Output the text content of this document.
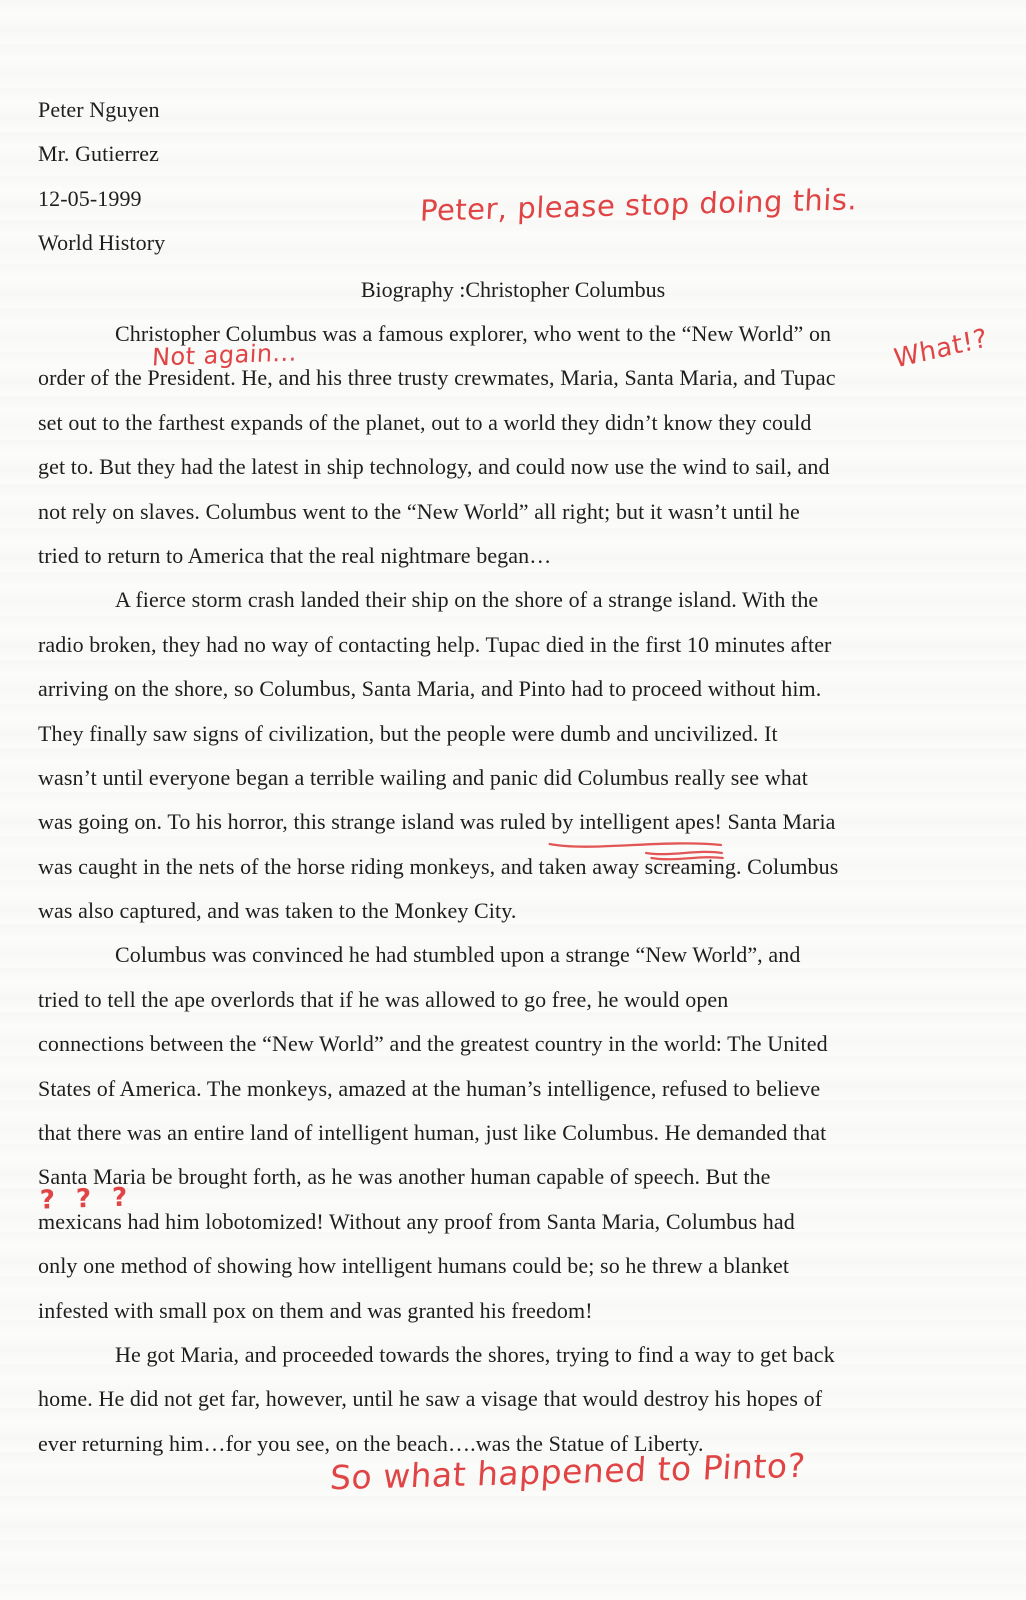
Peter Nguyen
Mr. Gutierrez
12-05-1999
World History
Biography :Christopher Columbus
Christopher Columbus was a famous explorer, who went to the “New World” on
order of the President. He, and his three trusty crewmates, Maria, Santa Maria, and Tupac
set out to the farthest expands of the planet, out to a world they didn’t know they could
get to. But they had the latest in ship technology, and could now use the wind to sail, and
not rely on slaves. Columbus went to the “New World” all right; but it wasn’t until he
tried to return to America that the real nightmare began…
A fierce storm crash landed their ship on the shore of a strange island. With the
radio broken, they had no way of contacting help. Tupac died in the first 10 minutes after
arriving on the shore, so Columbus, Santa Maria, and Pinto had to proceed without him.
They finally saw signs of civilization, but the people were dumb and uncivilized. It
wasn’t until everyone began a terrible wailing and panic did Columbus really see what
was going on. To his horror, this strange island was ruled by intelligent apes!
Santa Maria
was caught in the nets of the horse riding monkeys, and taken away screaming. Columbus
was also captured, and was taken to the Monkey City.
Columbus was convinced he had stumbled upon a strange “New World”, and
tried to tell the ape overlords that if he was allowed to go free, he would open
connections between the “New World” and the greatest country in the world: The United
States of America. The monkeys, amazed at the human’s intelligence, refused to believe
that there was an entire land of intelligent human, just like Columbus. He demanded that
Santa Maria be brought forth, as he was another human capable of speech. But the
mexicans had him lobotomized! Without any proof from Santa Maria, Columbus had
only one method of showing how intelligent humans could be; so he threw a blanket
infested with small pox on them and was granted his freedom!
He got Maria, and proceeded towards the shores, trying to find a way to get back
home. He did not get far, however, until he saw a visage that would destroy his hopes of
ever returning him…for you see, on the beach….was the Statue of Liberty.
Peter, please stop doing this.
Not again...	What!?
? ? ?
So what happened to Pinto?
